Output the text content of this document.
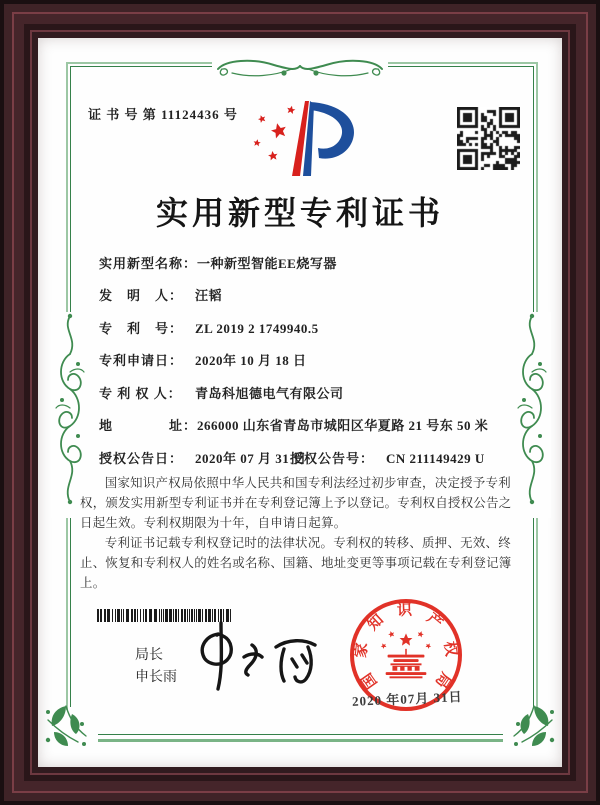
证 书 号 第 11124436 号
实用新型专利证书
实用新型名称：一种新型智能EE烧写器
发　明　人： 汪韬
专　利　号： ZL 2019 2 1749940.5
专利申请日： 2020年 10 月 18 日
专 利 权 人： 青岛科旭德电气有限公司
地　　　　址：266000 山东省青岛市城阳区华夏路 21 号东 50 米
授权公告日： 2020年 07 月 31 日
授权公告号： CN 211149429 U

国家知识产权局依照中华人民共和国专利法经过初步审查，决定授予专利权，颁发实用新型专利证书并在专利登记簿上予以登记。专利权自授权公告之日起生效。专利权期限为十年，自申请日起算。

专利证书记载专利权登记时的法律状况。专利权的转移、质押、无效、终止、恢复和专利权人的姓名或名称、国籍、地址变更等事项记载在专利登记簿上。

局长
申长雨	国
家
知
识 产
权
局
2020 年07月 31日
